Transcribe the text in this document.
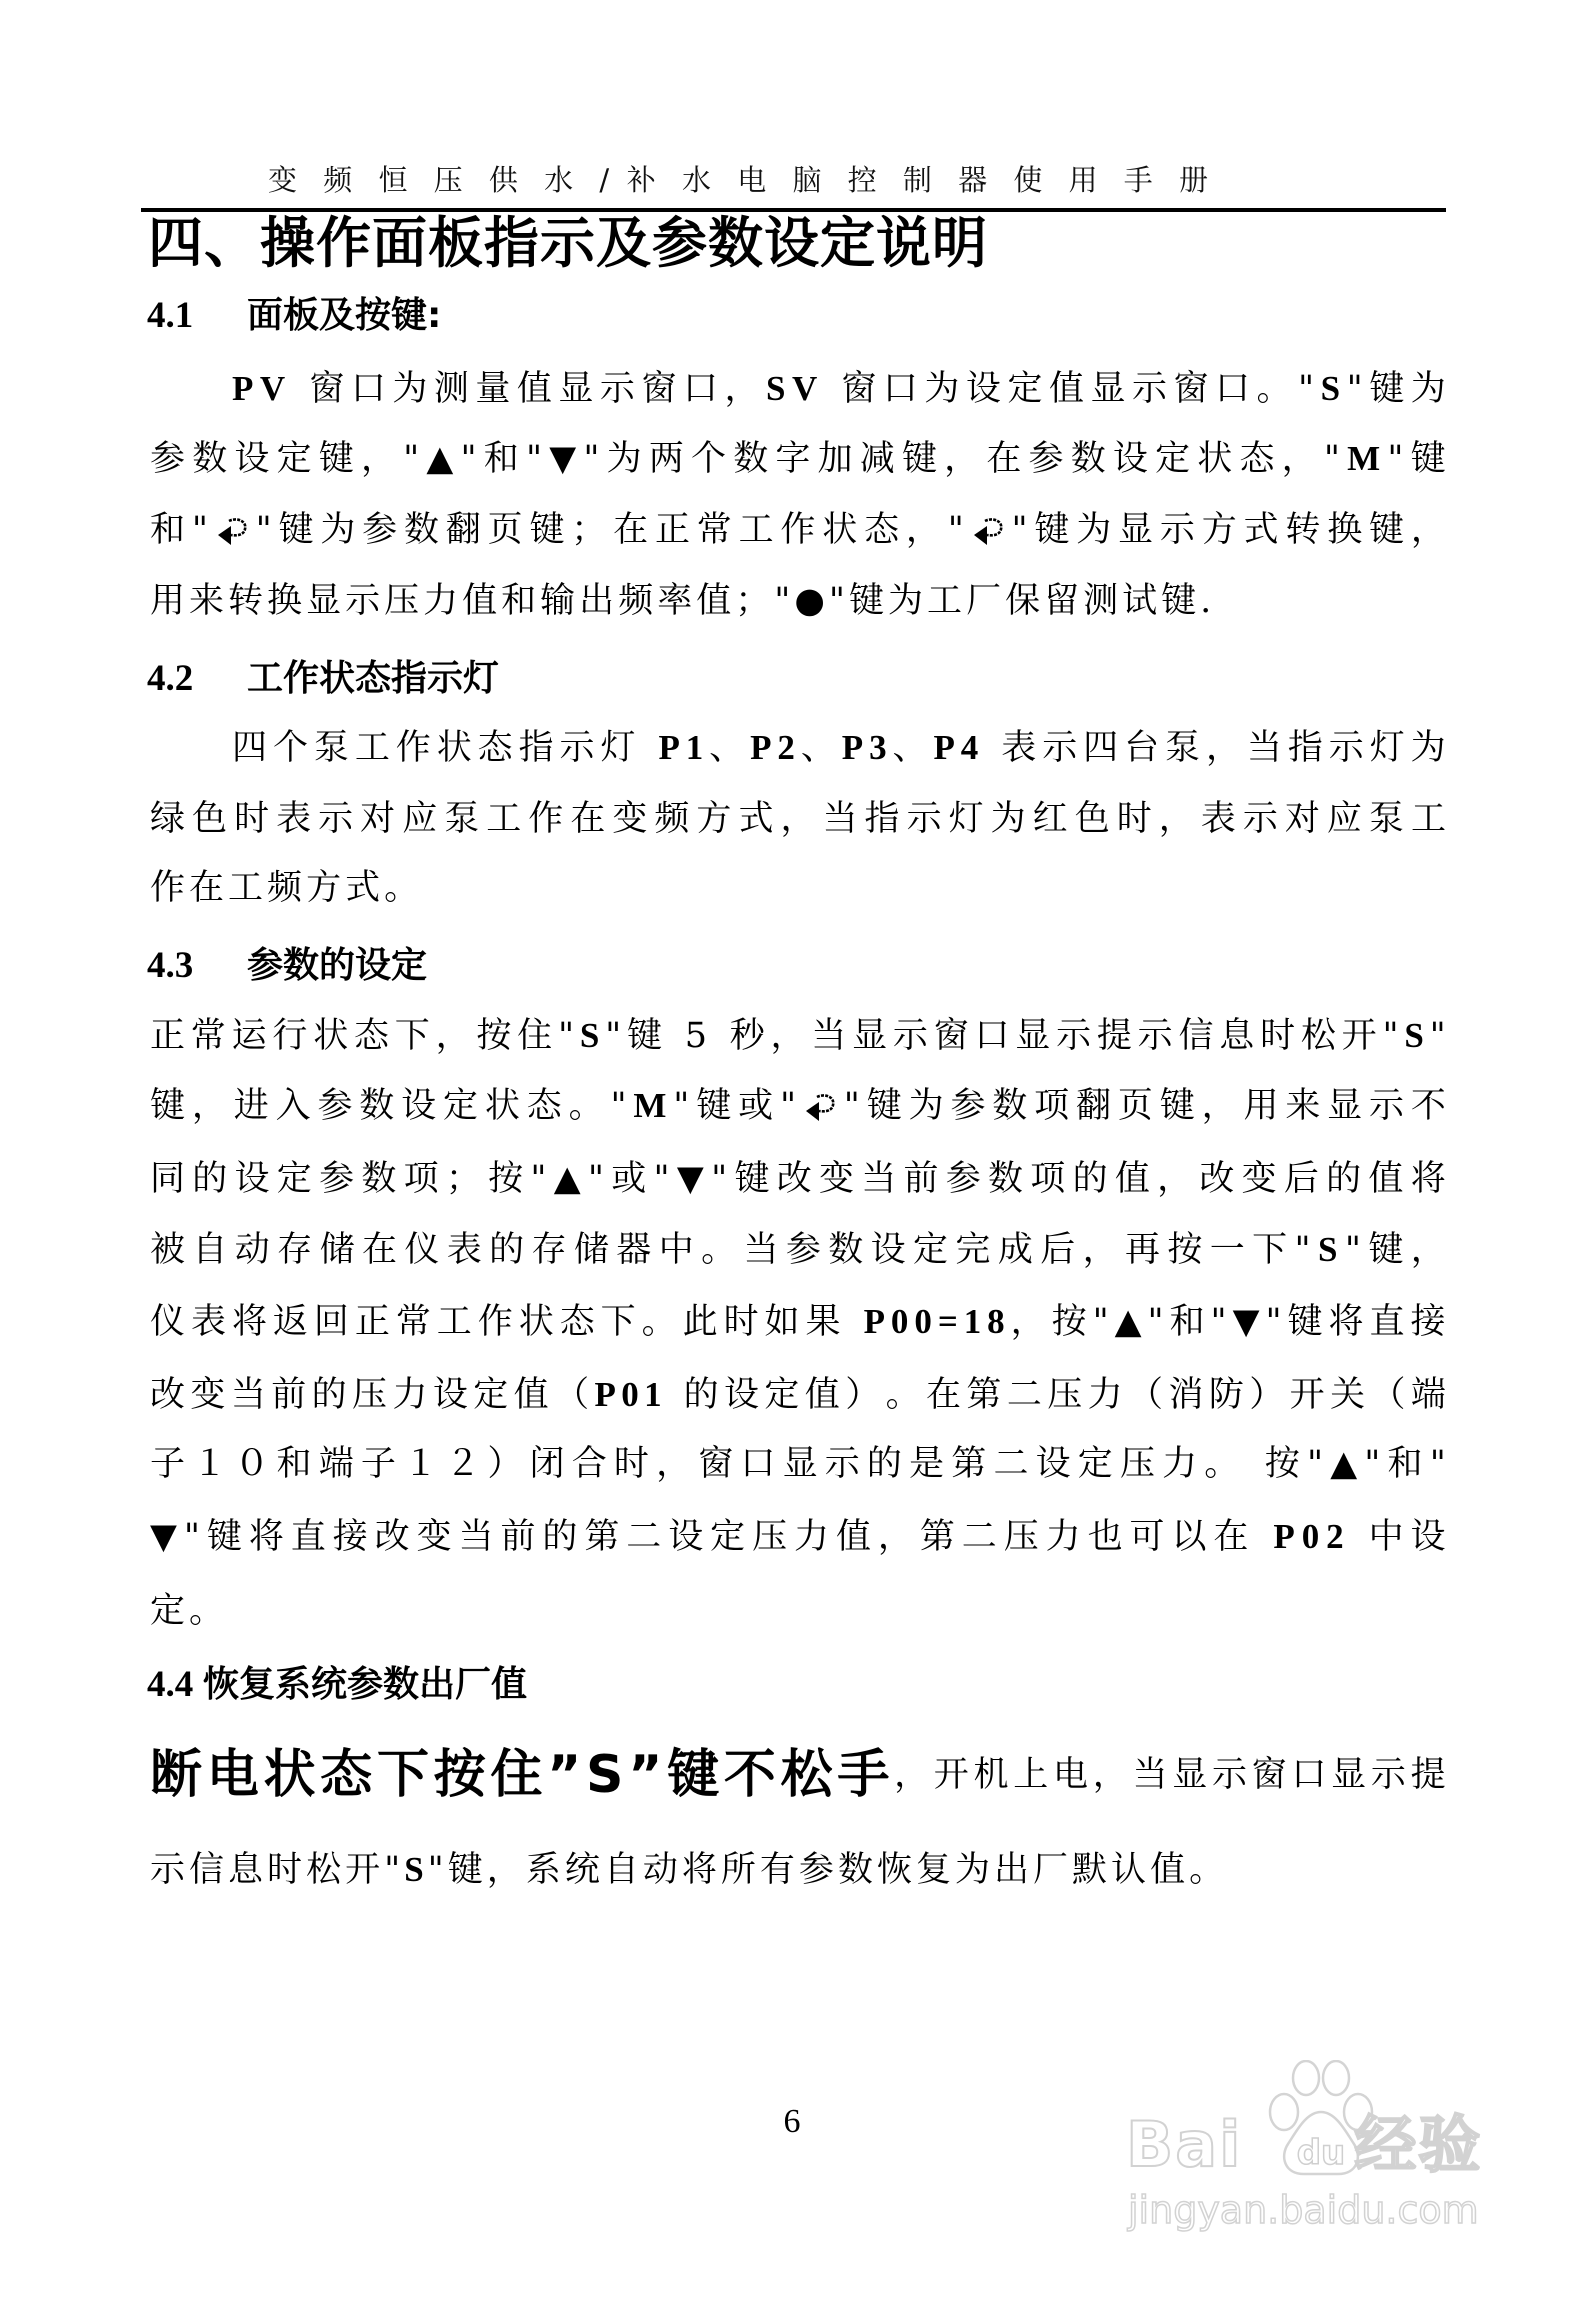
变 频 恒 压 供 水 / 补 水 电 脑 控 制 器 使 用 手 册
四、操作面板指示及参数设定说明
4.1 面板及按键:
P V
窗 口 为 测 量 值 显 示 窗 口 ， S V
窗 口 为 设 定 值 显 示 窗 口 。 " S " 键 为
参 数 设 定 键 ， " ▲ " 和 " ▼ " 为 两 个 数 字 加 减 键 ， 在 参 数 设 定 状 态 ， " M " 键
和 " " 键 为 参 数 翻 页 键 ； 在 正 常 工 作 状 态 ， " " 键 为 显 示 方 式 转 换 键 ，
用 来 转 换 显 示 压 力 值 和 输 出 频 率 值 ； " ● " 键 为 工 厂 保 留 测 试 键 .
4.2 工作状态指示灯
四 个 泵 工 作 状 态 指 示 灯
P 1 、 P 2 、 P 3 、 P 4
表 示 四 台 泵 ， 当 指 示 灯 为
绿 色 时 表 示 对 应 泵 工 作 在 变 频 方 式 ， 当 指 示 灯 为 红 色 时 ， 表 示 对 应 泵 工
作 在 工 频 方 式 。
4.3 参数的设定
正 常 运 行 状 态 下 ， 按 住 " S " 键
5
秒 ， 当 显 示 窗 口 显 示 提 示 信 息 时 松 开 " S "
键 ， 进 入 参 数 设 定 状 态 。 " M " 键 或 " " 键 为 参 数 项 翻 页 键 ， 用 来 显 示 不
同 的 设 定 参 数 项 ； 按 " ▲ " 或 " ▼ " 键 改 变 当 前 参 数 项 的 值 ， 改 变 后 的 值 将
被 自 动 存 储 在 仪 表 的 存 储 器 中 。 当 参 数 设 定 完 成 后 ， 再 按 一 下 " S " 键 ，
仪 表 将 返 回 正 常 工 作 状 态 下 。 此 时 如 果
P 0 0 = 1 8 ， 按 " ▲ " 和 " ▼ " 键 将 直 接
改 变 当 前 的 压 力 设 定 值 （ P 0 1
的 设 定 值 ） 。 在 第 二 压 力 （ 消 防 ） 开 关 （ 端
子 １ ０ 和 端 子 １ ２ ） 闭 合 时 ， 窗 口 显 示 的 是 第 二 设 定 压 力 。
按 " ▲ " 和 "
▼ " 键 将 直 接 改 变 当 前 的 第 二 设 定 压 力 值 ， 第 二 压 力 也 可 以 在
P 0 2
中 设
定 。
4.4 恢复系统参数出厂值
断 电 状 态 下 按 住 ” S ” 键 不 松 手 ， 开 机 上 电 ， 当 显 示 窗 口 显 示 提
示 信 息 时 松 开 " S " 键 ， 系 统 自 动 将 所 有 参 数 恢 复 为 出 厂 默 认 值 。
6
du
Bai 经验
jingyan.baidu.com
